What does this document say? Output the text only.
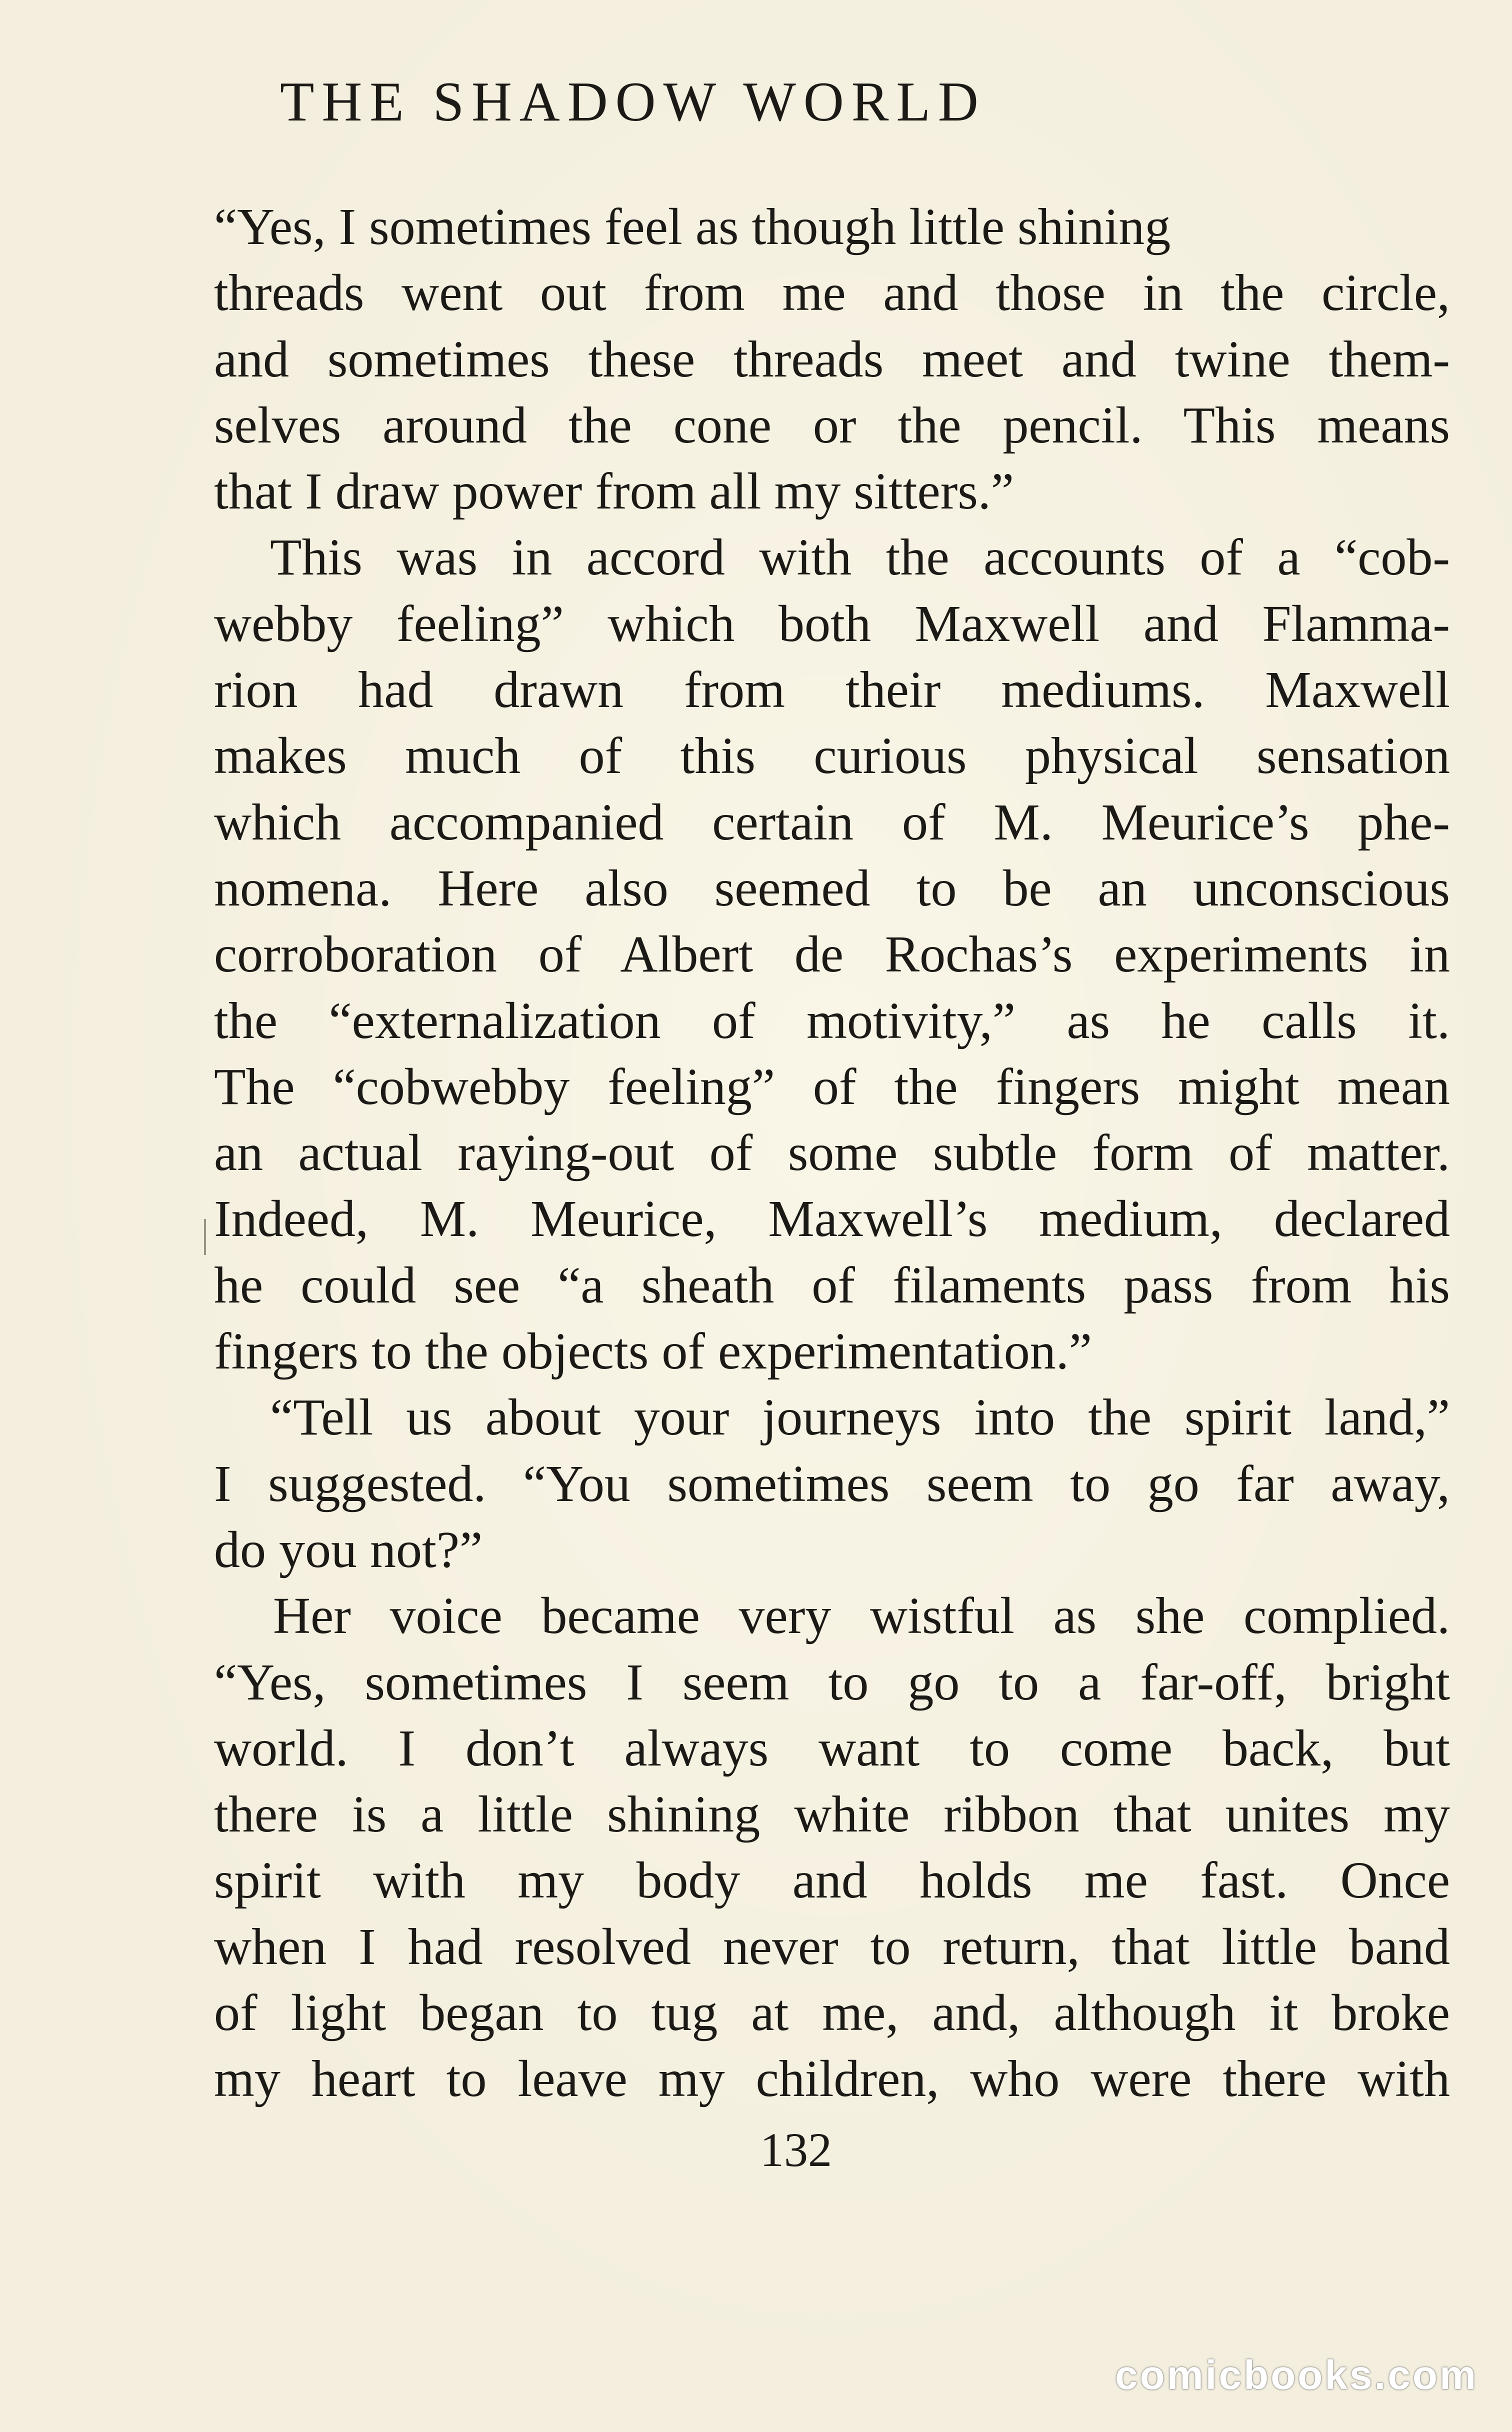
THE SHADOW WORLD
“Yes, I sometimes feel as though little shining
threads went out from me and those in the circle,
and sometimes these threads meet and twine them-
selves around the cone or the pencil. This means
that I draw power from all my sitters.”
This was in accord with the accounts of a “cob-
webby feeling” which both Maxwell and Flamma-
rion had drawn from their mediums. Maxwell
makes much of this curious physical sensation
which accompanied certain of M. Meurice’s phe-
nomena. Here also seemed to be an unconscious
corroboration of Albert de Rochas’s experiments in
the “externalization of motivity,” as he calls it.
The “cobwebby feeling” of the fingers might mean
an actual raying-out of some subtle form of matter.
Indeed, M. Meurice, Maxwell’s medium, declared
he could see “a sheath of filaments pass from his
fingers to the objects of experimentation.”
“Tell us about your journeys into the spirit land,”
I suggested. “You sometimes seem to go far away,
do you not?”
Her voice became very wistful as she complied.
“Yes, sometimes I seem to go to a far-off, bright
world. I don’t always want to come back, but
there is a little shining white ribbon that unites my
spirit with my body and holds me fast. Once
when I had resolved never to return, that little band
of light began to tug at me, and, although it broke
my heart to leave my children, who were there with
132
comicbooks.com
